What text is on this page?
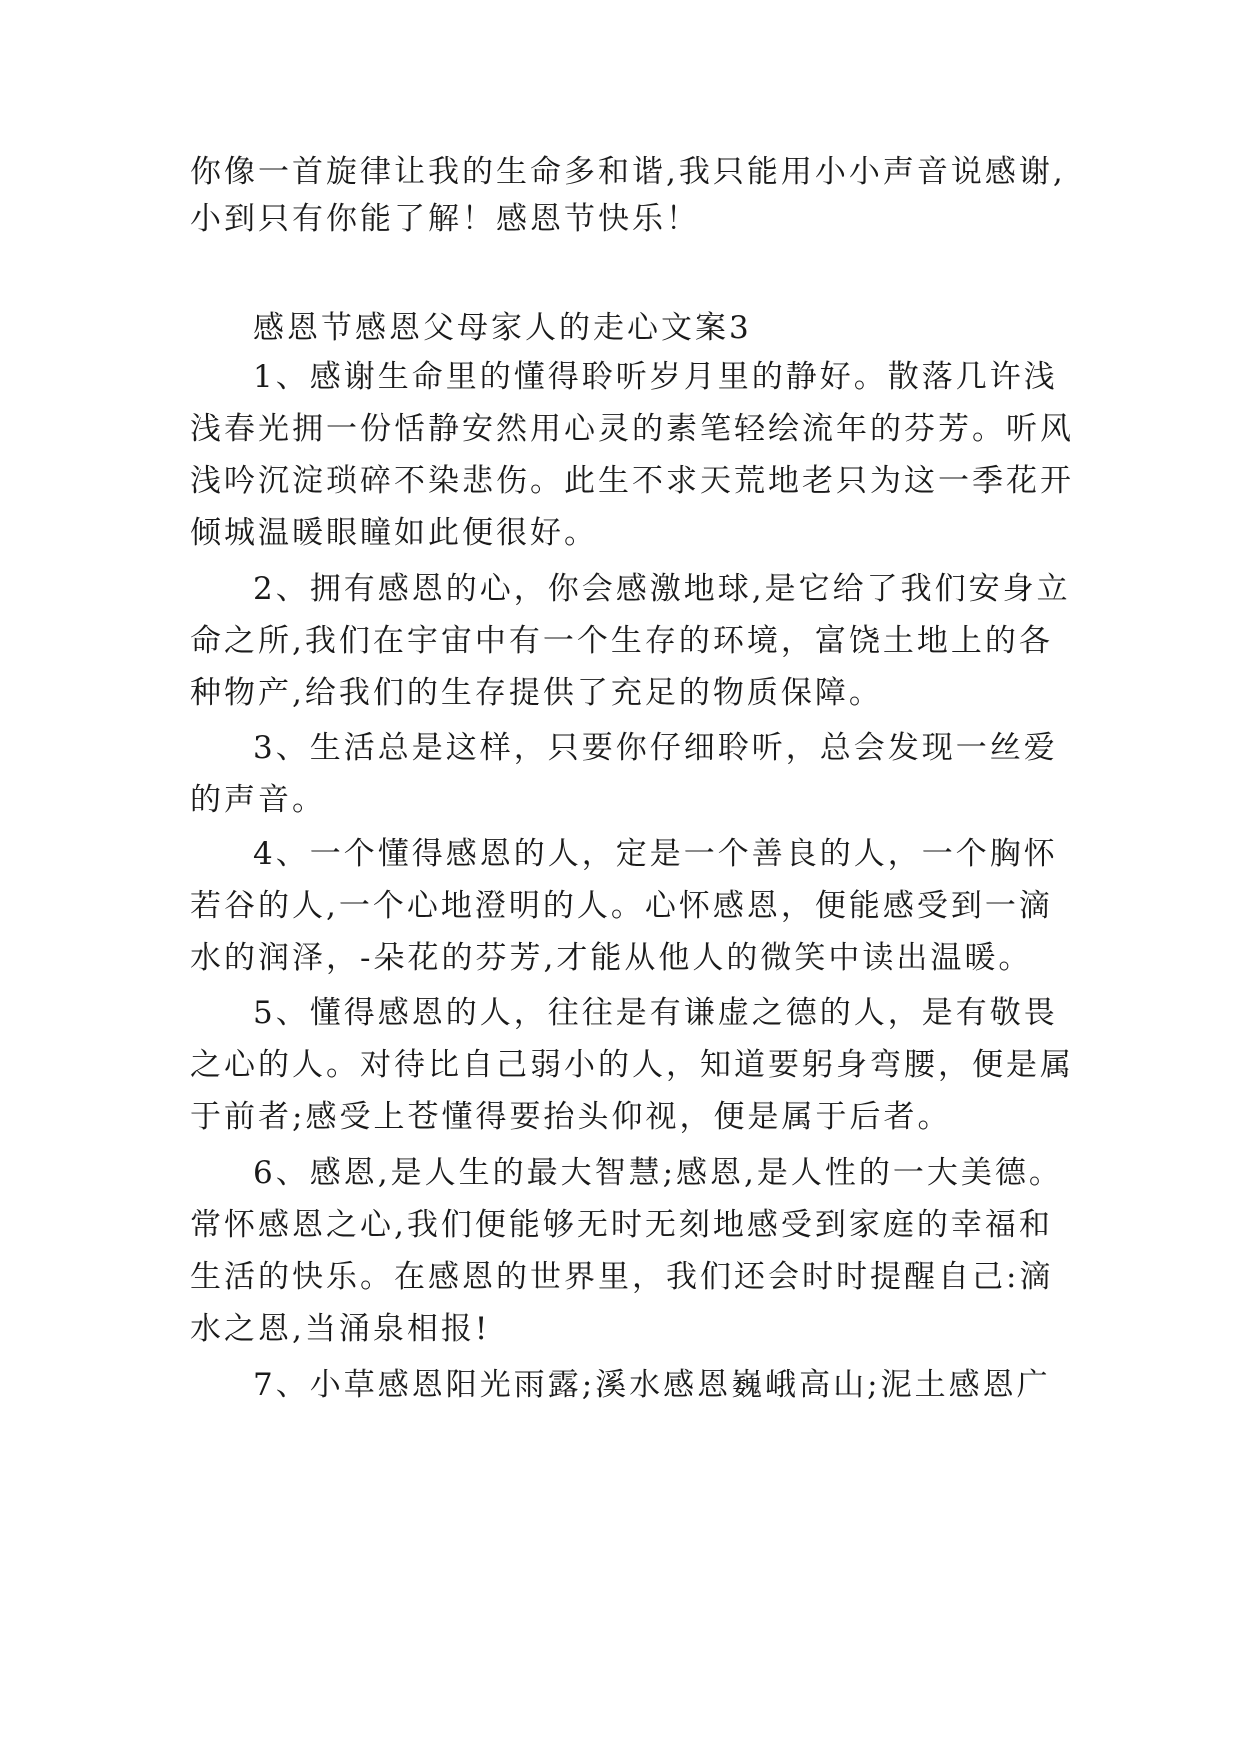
你像一首旋律让我的生命多和谐,我只能用小小声音说感谢,
小到只有你能了解！感恩节快乐！
感恩节感恩父母家人的走心文案3
1、感谢生命里的懂得聆听岁月里的静好。散落几许浅
浅春光拥一份恬静安然用心灵的素笔轻绘流年的芬芳。听风
浅吟沉淀琐碎不染悲伤。此生不求天荒地老只为这一季花开
倾城温暖眼瞳如此便很好。
2、拥有感恩的心，你会感激地球,是它给了我们安身立
命之所,我们在宇宙中有一个生存的环境，富饶土地上的各
种物产,给我们的生存提供了充足的物质保障。
3、生活总是这样，只要你仔细聆听，总会发现一丝爱
的声音。
4、一个懂得感恩的人，定是一个善良的人，一个胸怀
若谷的人,一个心地澄明的人。心怀感恩，便能感受到一滴
水的润泽，-朵花的芬芳,才能从他人的微笑中读出温暖。
5、懂得感恩的人，往往是有谦虚之德的人，是有敬畏
之心的人。对待比自己弱小的人，知道要躬身弯腰，便是属
于前者;感受上苍懂得要抬头仰视，便是属于后者。
6、感恩,是人生的最大智慧;感恩,是人性的一大美德。
常怀感恩之心,我们便能够无时无刻地感受到家庭的幸福和
生活的快乐。在感恩的世界里，我们还会时时提醒自己:滴
水之恩,当涌泉相报!
7、小草感恩阳光雨露;溪水感恩巍峨高山;泥土感恩广
